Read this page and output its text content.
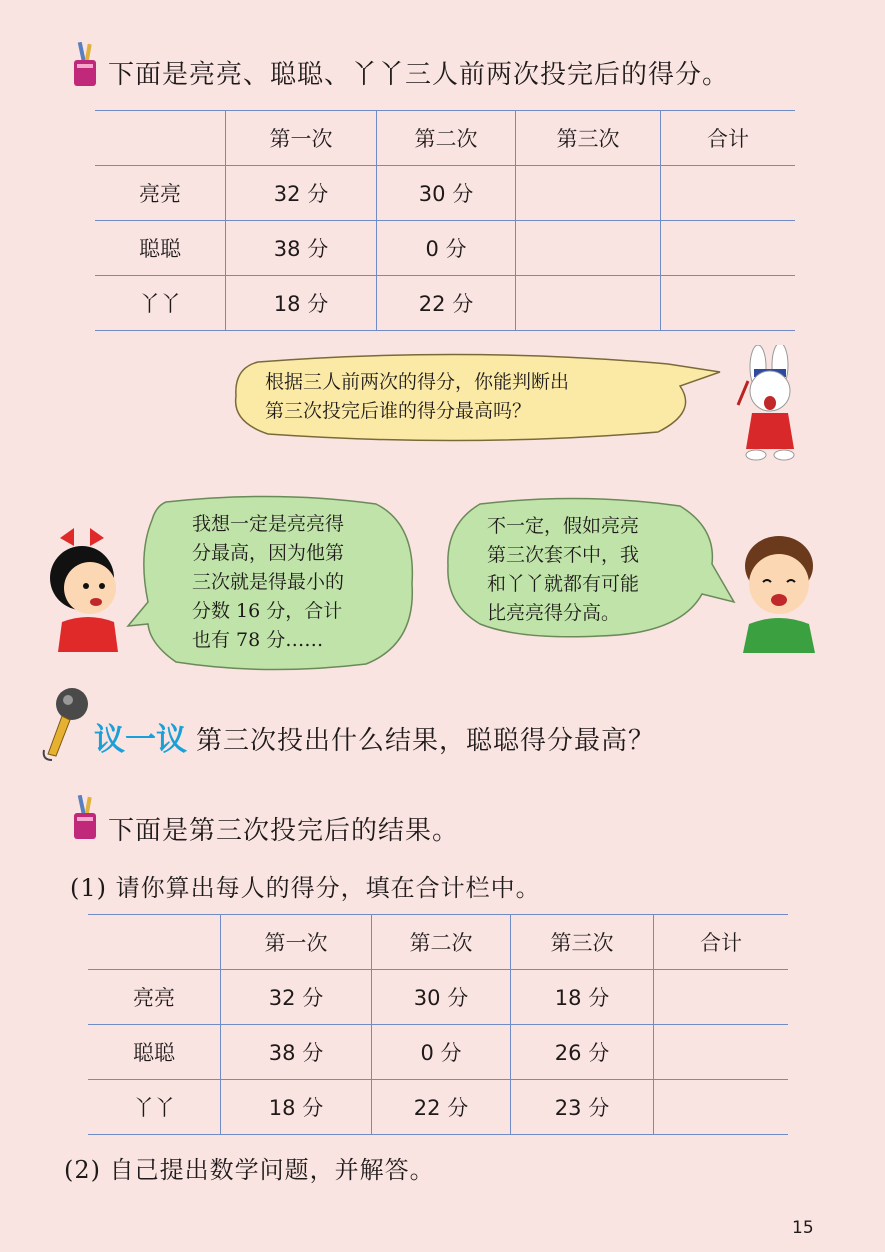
下面是亮亮、聪聪、丫丫三人前两次投完后的得分。
	第一次	第二次	第三次	合计
亮亮	32 分	30 分		
聪聪	38 分	0 分		
丫丫	18 分	22 分		
根据三人前两次的得分，你能判断出
第三次投完后谁的得分最高吗？
我想一定是亮亮得
分最高，因为他第
三次就是得最小的
分数 16 分，合计
也有 78 分……
不一定，假如亮亮
第三次套不中，我
和丫丫就都有可能
比亮亮得分高。
议一议 第三次投出什么结果，聪聪得分最高？
下面是第三次投完后的结果。
(1) 请你算出每人的得分，填在合计栏中。
	第一次	第二次	第三次	合计
亮亮	32 分	30 分	18 分	
聪聪	38 分	0 分	26 分	
丫丫	18 分	22 分	23 分	
(2) 自己提出数学问题，并解答。
15
